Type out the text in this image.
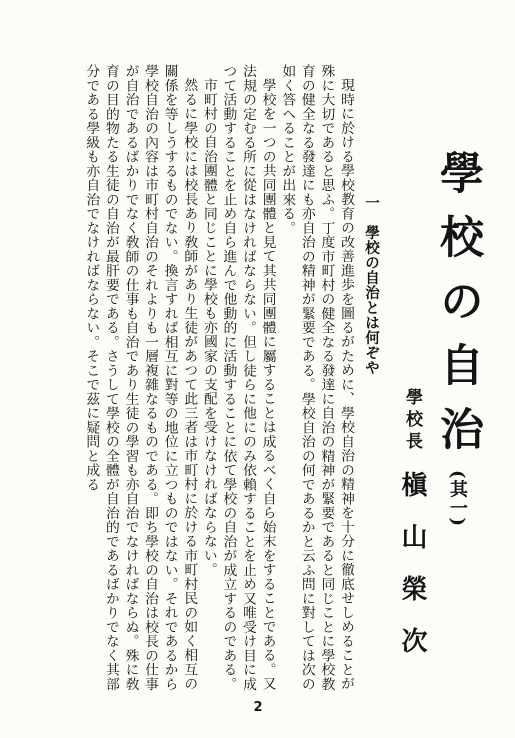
學校の自治(其一)
學校長　槇山榮次
一　學校の自治とは何ぞや

現時に於ける學校教育の改善進歩を圖るがために、學校自治の精神を十分に徹底せしめることが殊に大切であると思ふ。丁度市町村の健全なる發達に自治の精神が緊要であると同じことに學校教育の健全なる發達にも亦自治の精神が緊要である。學校自治の何であるかと云ふ問に對しては次の如く答へることが出來る。

學校を一つの共同團體と見て其共同團體に屬することは成るべく自ら始末をすることである。又法規の定むる所に從はなければならない。但し徒らに他にのみ依賴することを止め又唯受け目に成つて活動することを止め自ら進んで他動的に活動することに依て學校の自治が成立するのである。

市町村の自治團體と同じことに學校も亦國家の支配を受けなければならない。

然るに學校には校長あり敎師があり生徒があつて此三者は市町村に於ける市町村民の如く相互の關係を等しうするものでない。換言すれば相互に對等の地位に立つものではない。それであるから學校自治の內容は市町村自治のそれよりも一層複雜なるものである。即ち學校の自治は校長の仕事が自治であるばかりでなく敎師の仕事も自治であり生徒の學習も亦自治でなければならぬ。殊に敎育の目的物たる生徒の自治が最肝要である。さうして學校の全體が自治的であるばかりでなく其部分である學級も亦自治でなければならない。そこで茲に疑問と成る

2
